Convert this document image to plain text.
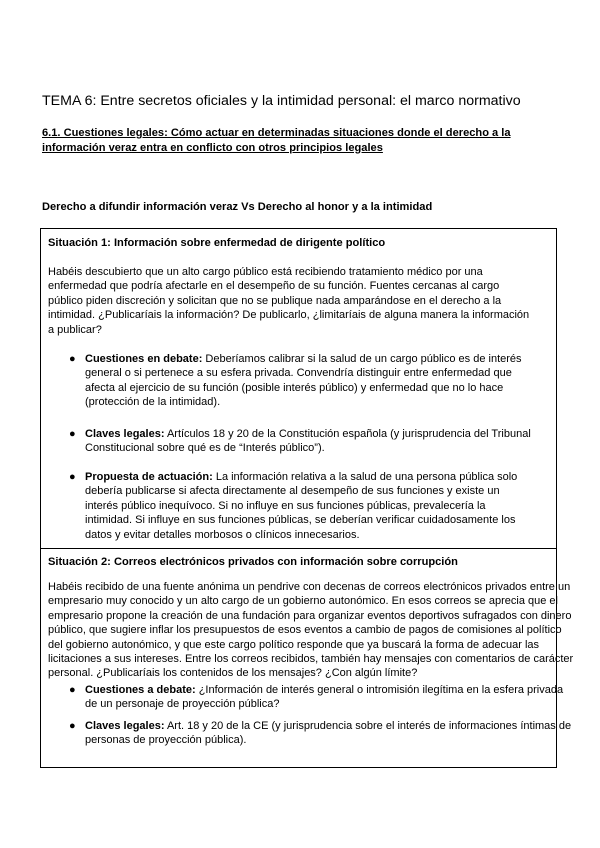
TEMA 6: Entre secretos oficiales y la intimidad personal: el marco normativo
6.1. Cuestiones legales: Cómo actuar en determinadas situaciones donde el derecho a la
información veraz entra en conflicto con otros principios legales
Derecho a difundir información veraz Vs Derecho al honor y a la intimidad
Situación 1: Información sobre enfermedad de dirigente político
Habéis descubierto que un alto cargo público está recibiendo tratamiento médico por una
enfermedad que podría afectarle en el desempeño de su función. Fuentes cercanas al cargo
público piden discreción y solicitan que no se publique nada amparándose en el derecho a la
intimidad. ¿Publicaríais la información? De publicarlo, ¿limitaríais de alguna manera la información
a publicar?
● Cuestiones en debate: Deberíamos calibrar si la salud de un cargo público es de interés
general o si pertenece a su esfera privada. Convendría distinguir entre enfermedad que
afecta al ejercicio de su función (posible interés público) y enfermedad que no lo hace
(protección de la intimidad).
● Claves legales: Artículos 18 y 20 de la Constitución española (y jurisprudencia del Tribunal
Constitucional sobre qué es de “Interés público”).
● Propuesta de actuación: La información relativa a la salud de una persona pública solo
debería publicarse si afecta directamente al desempeño de sus funciones y existe un
interés público inequívoco. Si no influye en sus funciones públicas, prevalecería la
intimidad. Si influye en sus funciones públicas, se deberían verificar cuidadosamente los
datos y evitar detalles morbosos o clínicos innecesarios.
Situación 2: Correos electrónicos privados con información sobre corrupción
Habéis recibido de una fuente anónima un pendrive con decenas de correos electrónicos privados entre un
empresario muy conocido y un alto cargo de un gobierno autonómico. En esos correos se aprecia que el
empresario propone la creación de una fundación para organizar eventos deportivos sufragados con dinero
público, que sugiere inflar los presupuestos de esos eventos a cambio de pagos de comisiones al político
del gobierno autonómico, y que este cargo político responde que ya buscará la forma de adecuar las
licitaciones a sus intereses. Entre los correos recibidos, también hay mensajes con comentarios de carácter
personal. ¿Publicaríais los contenidos de los mensajes? ¿Con algún límite?
● Cuestiones a debate: ¿Información de interés general o intromisión ilegítima en la esfera privada
de un personaje de proyección pública?
● Claves legales: Art. 18 y 20 de la CE (y jurisprudencia sobre el interés de informaciones íntimas de
personas de proyección pública).
